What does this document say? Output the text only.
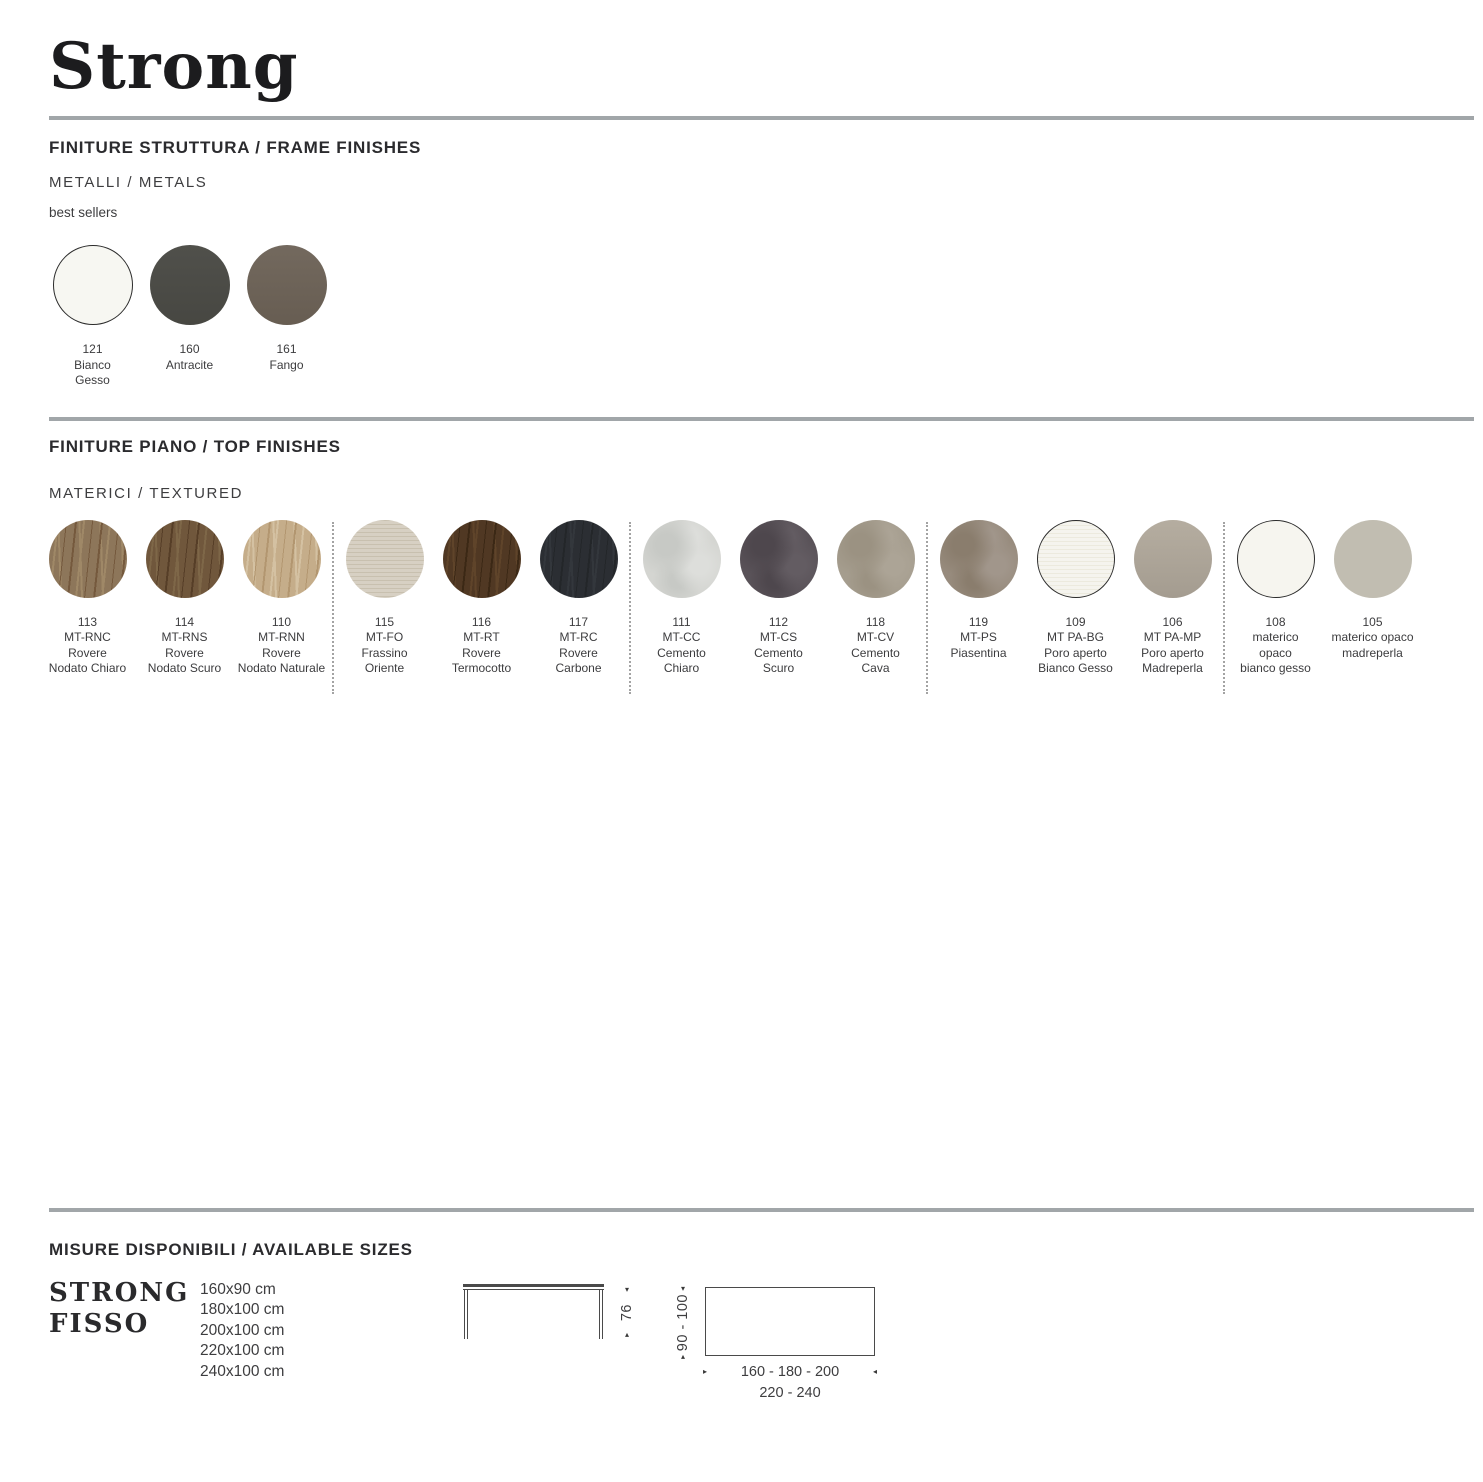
Strong
FINITURE STRUTTURA / FRAME FINISHES
METALLI / METALS
best sellers
121
Bianco
Gesso
160
Antracite
161
Fango
FINITURE PIANO / TOP FINISHES
MATERICI / TEXTURED
113
MT-RNC
Rovere
Nodato Chiaro
114
MT-RNS
Rovere
Nodato Scuro
110
MT-RNN
Rovere
Nodato Naturale
115
MT-FO
Frassino
Oriente
116
MT-RT
Rovere
Termocotto
117
MT-RC
Rovere
Carbone
111
MT-CC
Cemento
Chiaro
112
MT-CS
Cemento
Scuro
118
MT-CV
Cemento
Cava
119
MT-PS
Piasentina
109
MT PA-BG
Poro aperto
Bianco Gesso
106
MT PA-MP
Poro aperto
Madreperla
108
materico
opaco
bianco gesso
105
materico opaco
madreperla
MISURE DISPONIBILI / AVAILABLE SIZES
STRONG
FISSO
160x90 cm
180x100 cm
200x100 cm
220x100 cm
240x100 cm
▾
76
▴
▾
90 - 100
▴
▸	160 - 180 - 200
220 - 240
◂
